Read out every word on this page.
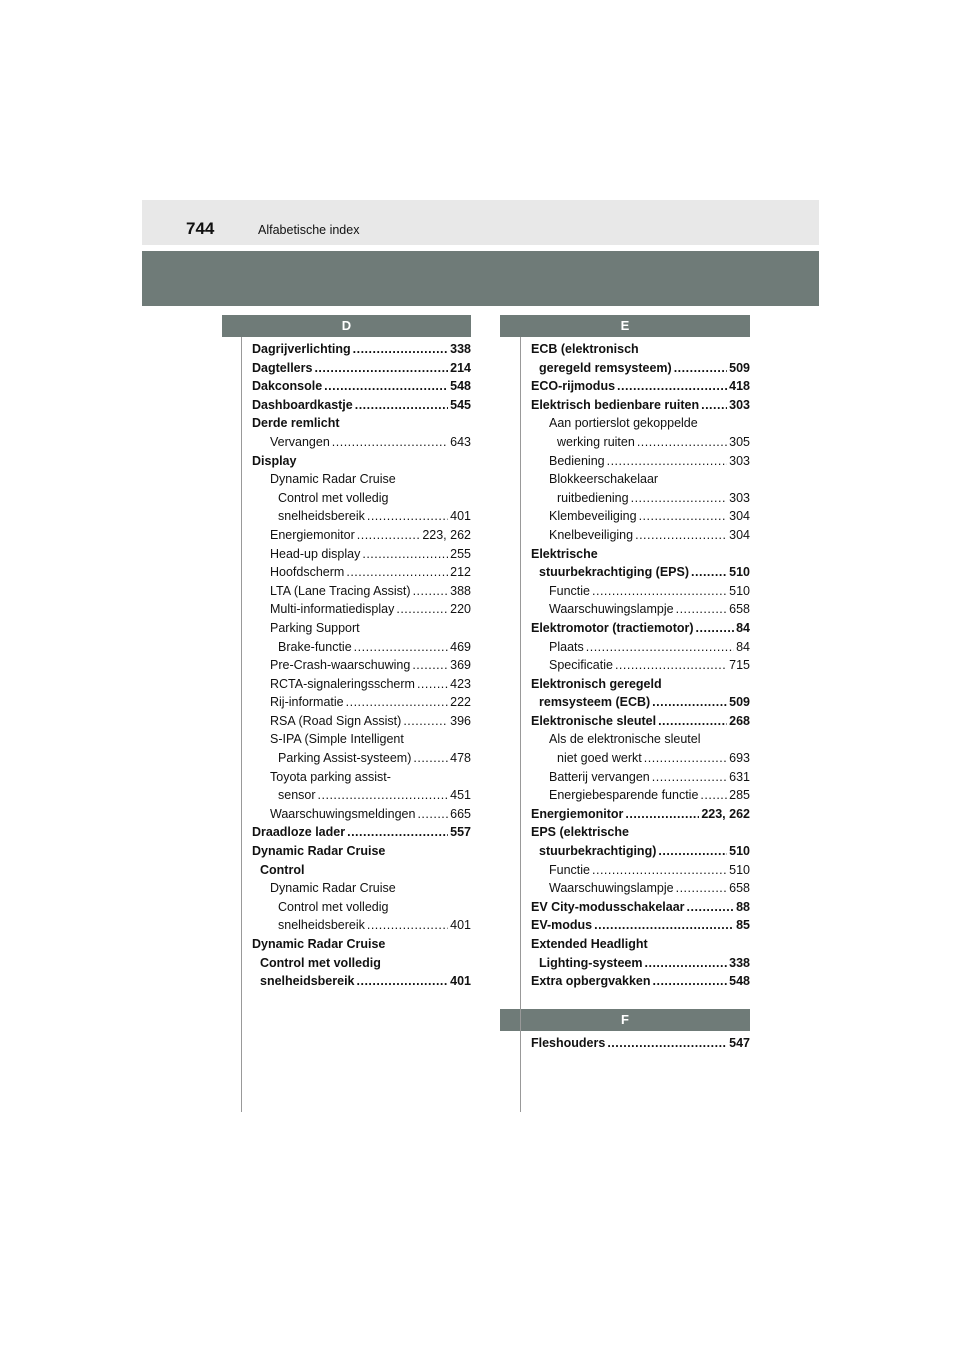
744	Alfabetische index
D	E
F
Dagrijverlichting .....	338
Dagtellers .....	214
Dakconsole .....	548
Dashboardkastje .....	545
Derde remlicht
Vervangen .....	643
Display
Dynamic Radar Cruise
Control met volledig
snelheidsbereik .....	401
Energiemonitor .....	223, 262
Head-up display .....	255
Hoofdscherm .....	212
LTA (Lane Tracing Assist) .....	388
Multi-informatiedisplay .....	220
Parking Support
Brake-functie .....	469
Pre-Crash-waarschuwing .....	369
RCTA-signaleringsscherm .....	423
Rij-informatie .....	222
RSA (Road Sign Assist) .....	396
S-IPA (Simple Intelligent
Parking Assist-systeem) .....	478
Toyota parking assist-
sensor .....	451
Waarschuwingsmeldingen .....	665
Draadloze lader .....	557
Dynamic Radar Cruise
Control
Dynamic Radar Cruise
Control met volledig
snelheidsbereik .....	401
Dynamic Radar Cruise
Control met volledig
snelheidsbereik .....	401
ECB (elektronisch
geregeld remsysteem) .....	509
ECO-rijmodus .....	418
Elektrisch bedienbare ruiten ..... 303
Aan portierslot gekoppelde
werking ruiten .....	305
Bediening .....	303
Blokkeerschakelaar
ruitbediening .....	303
Klembeveiliging .....	304
Knelbeveiliging .....	304
Elektrische
stuurbekrachtiging (EPS) .....	510
Functie .....	510
Waarschuwingslampje .....	658
Elektromotor (tractiemotor) .....	84
Plaats .....	84
Specificatie .....	715
Elektronisch geregeld
remsysteem (ECB) .....	509
Elektronische sleutel .....	268
Als de elektronische sleutel
niet goed werkt .....	693
Batterij vervangen .....	631
Energiebesparende functie ..... 285
Energiemonitor .....	223, 262
EPS (elektrische
stuurbekrachtiging) .....	510
Functie .....	510
Waarschuwingslampje .....	658
EV City-modusschakelaar .....	88
EV-modus .....	85
Extended Headlight
Lighting-systeem .....	338
Extra opbergvakken .....	548
Fleshouders .....	547
